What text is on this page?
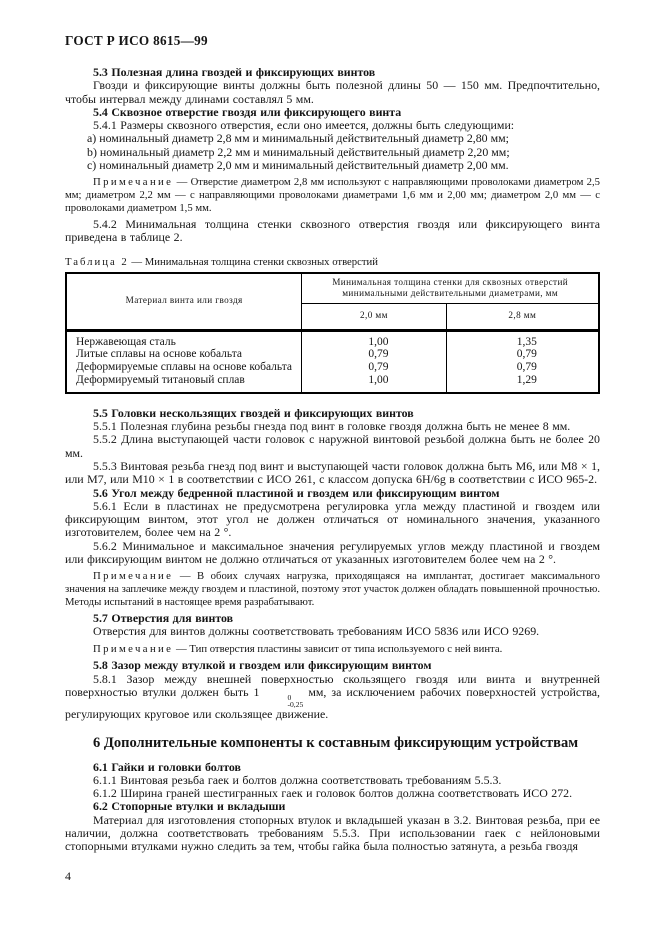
ГОСТ Р ИСО 8615—99

5.3 Полезная длина гвоздей и фиксирующих винтов

Гвозди и фиксирующие винты должны быть полезной длины 50 — 150 мм. Предпочтительно, чтобы интервал между длинами составлял 5 мм.

5.4 Сквозное отверстие гвоздя или фиксирующего винта

5.4.1 Размеры сквозного отверстия, если оно имеется, должны быть следующими:

a) номинальный диаметр 2,8 мм и минимальный действительный диаметр 2,80 мм;

b) номинальный диаметр 2,2 мм и минимальный действительный диаметр 2,20 мм;

c) номинальный диаметр 2,0 мм и минимальный действительный диаметр 2,00 мм.

Примечание — Отверстие диаметром 2,8 мм используют с направляющими проволоками диаметром 2,5 мм; диаметром 2,2 мм — с направляющими проволоками диаметрами 1,6 мм и 2,00 мм; диаметром 2,0 мм — с проволоками диаметром 1,5 мм.

5.4.2 Минимальная толщина стенки сквозного отверстия гвоздя или фиксирующего винта приведена в таблице 2.

Таблица 2 — Минимальная толщина стенки сквозных отверстий

Материал винта или гвоздя	Минимальная толщина стенки для сквозных отверстий минимальными действительными диаметрами, мм	
	2,0 мм	2,8 мм
Нержавеющая сталь	1,00	1,35
Литые сплавы на основе кобальта	0,79	0,79
Деформируемые сплавы на основе кобальта	0,79	0,79
Деформируемый титановый сплав	1,00	1,29

5.5 Головки нескользящих гвоздей и фиксирующих винтов

5.5.1 Полезная глубина резьбы гнезда под винт в головке гвоздя должна быть не менее 8 мм.

5.5.2 Длина выступающей части головок с наружной винтовой резьбой должна быть не более 20 мм.

5.5.3 Винтовая резьба гнезд под винт и выступающей части головок должна быть М6, или М8 × 1, или М7, или М10 × 1 в соответствии с ИСО 261, с классом допуска 6H/6g в соответствии с ИСО 965-2.

5.6 Угол между бедренной пластиной и гвоздем или фиксирующим винтом

5.6.1 Если в пластинах не предусмотрена регулировка угла между пластиной и гвоздем или фиксирующим винтом, этот угол не должен отличаться от номинального значения, указанного изготовителем, более чем на 2 °.

5.6.2 Минимальное и максимальное значения регулируемых углов между пластиной и гвоздем или фиксирующим винтом не должно отличаться от указанных изготовителем более чем на 2 °.

Примечание — В обоих случаях нагрузка, приходящаяся на имплантат, достигает максимального значения на заплечике между гвоздем и пластиной, поэтому этот участок должен обладать повышенной прочностью. Методы испытаний в настоящее время разрабатывают.

5.7 Отверстия для винтов

Отверстия для винтов должны соответствовать требованиям ИСО 5836 или ИСО 9269.

Примечание — Тип отверстия пластины зависит от типа используемого с ней винта.

5.8 Зазор между втулкой и гвоздем или фиксирующим винтом

5.8.1 Зазор между внешней поверхностью скользящего гвоздя или винта и внутренней поверхностью втулки должен быть 1	0
-0,25
мм, за исключением рабочих поверхностей устройства, регулирующих круговое или скользящее движение.

6 Дополнительные компоненты к составным фиксирующим устройствам

6.1 Гайки и головки болтов

6.1.1 Винтовая резьба гаек и болтов должна соответствовать требованиям 5.5.3.

6.1.2 Ширина граней шестигранных гаек и головок болтов должна соответствовать ИСО 272.

6.2 Стопорные втулки и вкладыши

Материал для изготовления стопорных втулок и вкладышей указан в 3.2. Винтовая резьба, при ее наличии, должна соответствовать требованиям 5.5.3. При использовании гаек с нейлоновыми стопорными втулками нужно следить за тем, чтобы гайка была полностью затянута, а резьба гвоздя

4
